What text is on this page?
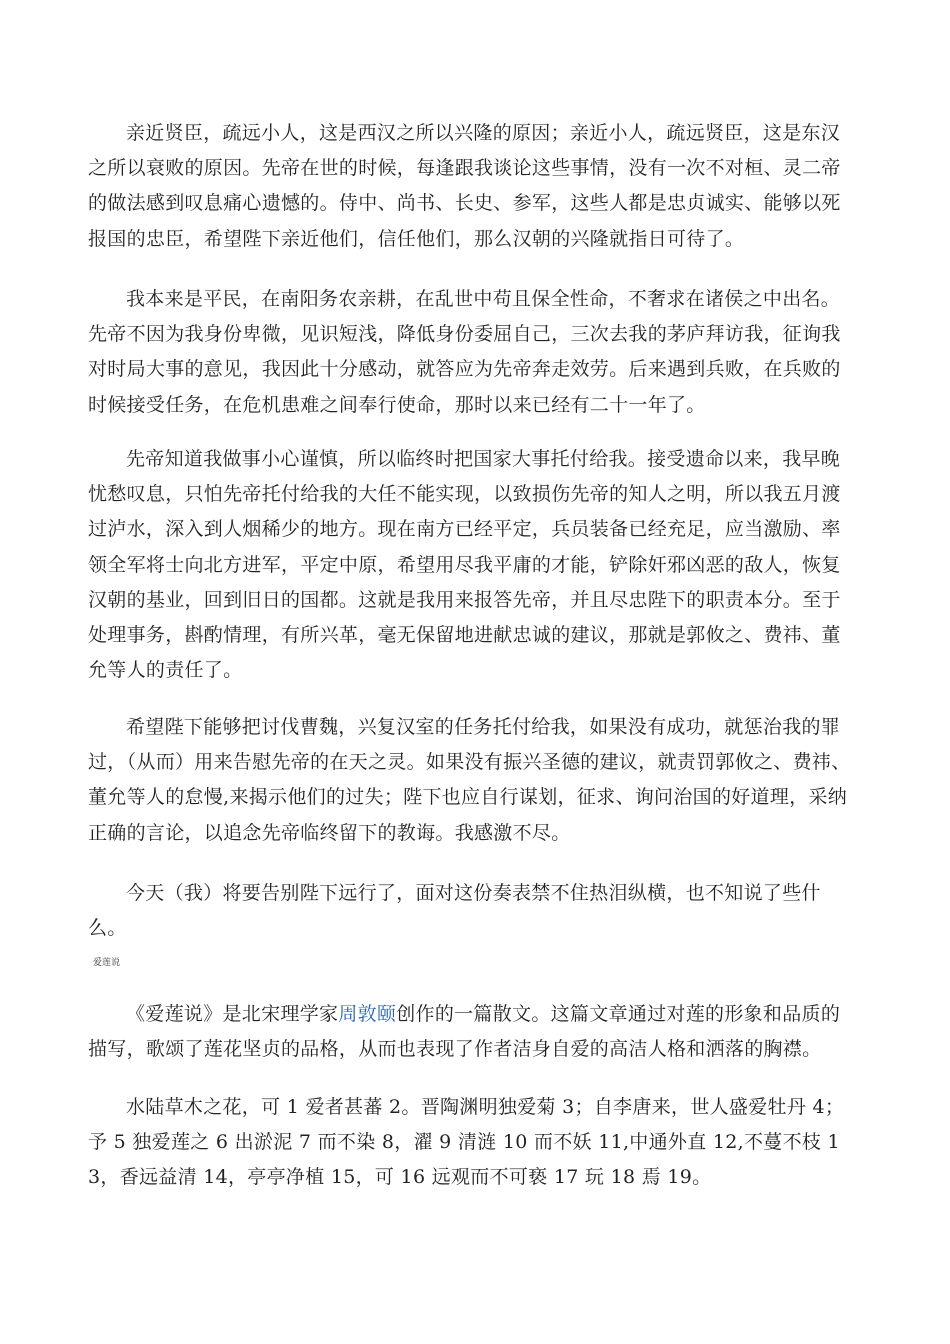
亲近贤臣，疏远小人，这是西汉之所以兴隆的原因；亲近小人，疏远贤臣，这是东汉之所以衰败的原因。先帝在世的时候，每逢跟我谈论这些事情，没有一次不对桓、灵二帝的做法感到叹息痛心遗憾的。侍中、尚书、长史、参军，这些人都是忠贞诚实、能够以死报国的忠臣，希望陛下亲近他们，信任他们，那么汉朝的兴隆就指日可待了。

我本来是平民，在南阳务农亲耕，在乱世中苟且保全性命，不奢求在诸侯之中出名。先帝不因为我身份卑微，见识短浅，降低身份委屈自己，三次去我的茅庐拜访我，征询我对时局大事的意见，我因此十分感动，就答应为先帝奔走效劳。后来遇到兵败，在兵败的时候接受任务，在危机患难之间奉行使命，那时以来已经有二十一年了。

先帝知道我做事小心谨慎，所以临终时把国家大事托付给我。接受遗命以来，我早晚忧愁叹息，只怕先帝托付给我的大任不能实现，以致损伤先帝的知人之明，所以我五月渡过泸水，深入到人烟稀少的地方。现在南方已经平定，兵员装备已经充足，应当激励、率领全军将士向北方进军，平定中原，希望用尽我平庸的才能，铲除奸邪凶恶的敌人，恢复汉朝的基业，回到旧日的国都。这就是我用来报答先帝，并且尽忠陛下的职责本分。至于处理事务，斟酌情理，有所兴革，毫无保留地进献忠诚的建议，那就是郭攸之、费祎、董允等人的责任了。

希望陛下能够把讨伐曹魏，兴复汉室的任务托付给我，如果没有成功，就惩治我的罪过，（从而）用来告慰先帝的在天之灵。如果没有振兴圣德的建议，就责罚郭攸之、费祎、董允等人的怠慢,来揭示他们的过失；陛下也应自行谋划，征求、询问治国的好道理，采纳正确的言论，以追念先帝临终留下的教诲。我感激不尽。

今天（我）将要告别陛下远行了，面对这份奏表禁不住热泪纵横，也不知说了些什么。

爱莲说

《爱莲说》是北宋理学家周敦颐创作的一篇散文。这篇文章通过对莲的形象和品质的描写，歌颂了莲花坚贞的品格，从而也表现了作者洁身自爱的高洁人格和洒落的胸襟。

水陆草木之花，可 1 爱者甚蕃 2。晋陶渊明独爱菊 3；自李唐来，世人盛爱牡丹 4；予 5 独爱莲之 6 出淤泥 7 而不染 8，濯 9 清涟 10 而不妖 11,中通外直 12,不蔓不枝 13，香远益清 14，亭亭净植 15，可 16 远观而不可亵 17 玩 18 焉 19。
